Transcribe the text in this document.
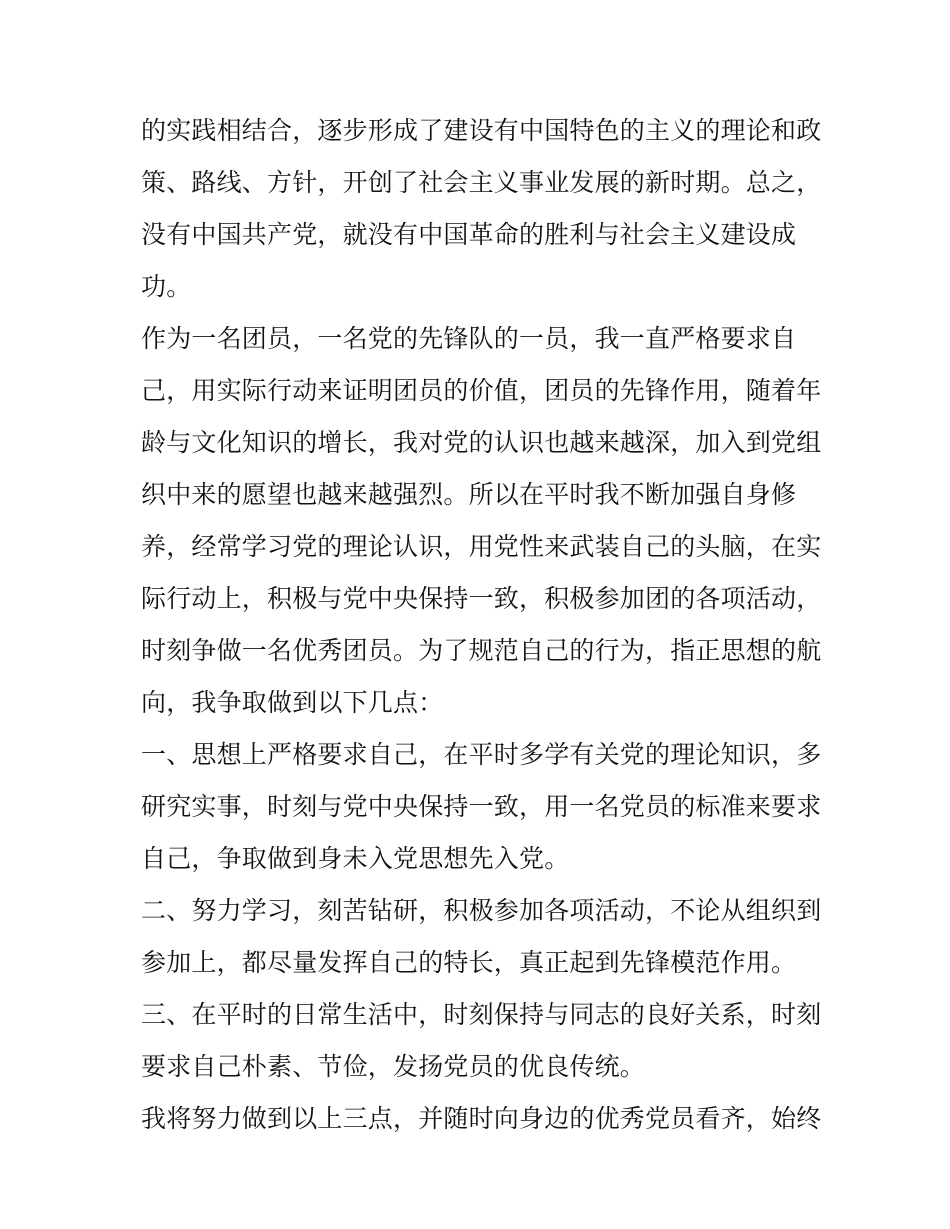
的实践相结合，逐步形成了建设有中国特色的主义的理论和政
策、路线、方针，开创了社会主义事业发展的新时期。总之，
没有中国共产党，就没有中国革命的胜利与社会主义建设成
功。
作为一名团员，一名党的先锋队的一员，我一直严格要求自
己，用实际行动来证明团员的价值，团员的先锋作用，随着年
龄与文化知识的增长，我对党的认识也越来越深，加入到党组
织中来的愿望也越来越强烈。所以在平时我不断加强自身修
养，经常学习党的理论认识，用党性来武装自己的头脑，在实
际行动上，积极与党中央保持一致，积极参加团的各项活动，
时刻争做一名优秀团员。为了规范自己的行为，指正思想的航
向，我争取做到以下几点：
一、思想上严格要求自己，在平时多学有关党的理论知识，多
研究实事，时刻与党中央保持一致，用一名党员的标准来要求
自己，争取做到身未入党思想先入党。
二、努力学习，刻苦钻研，积极参加各项活动，不论从组织到
参加上，都尽量发挥自己的特长，真正起到先锋模范作用。
三、在平时的日常生活中，时刻保持与同志的良好关系，时刻
要求自己朴素、节俭，发扬党员的优良传统。
我将努力做到以上三点，并随时向身边的优秀党员看齐，始终
